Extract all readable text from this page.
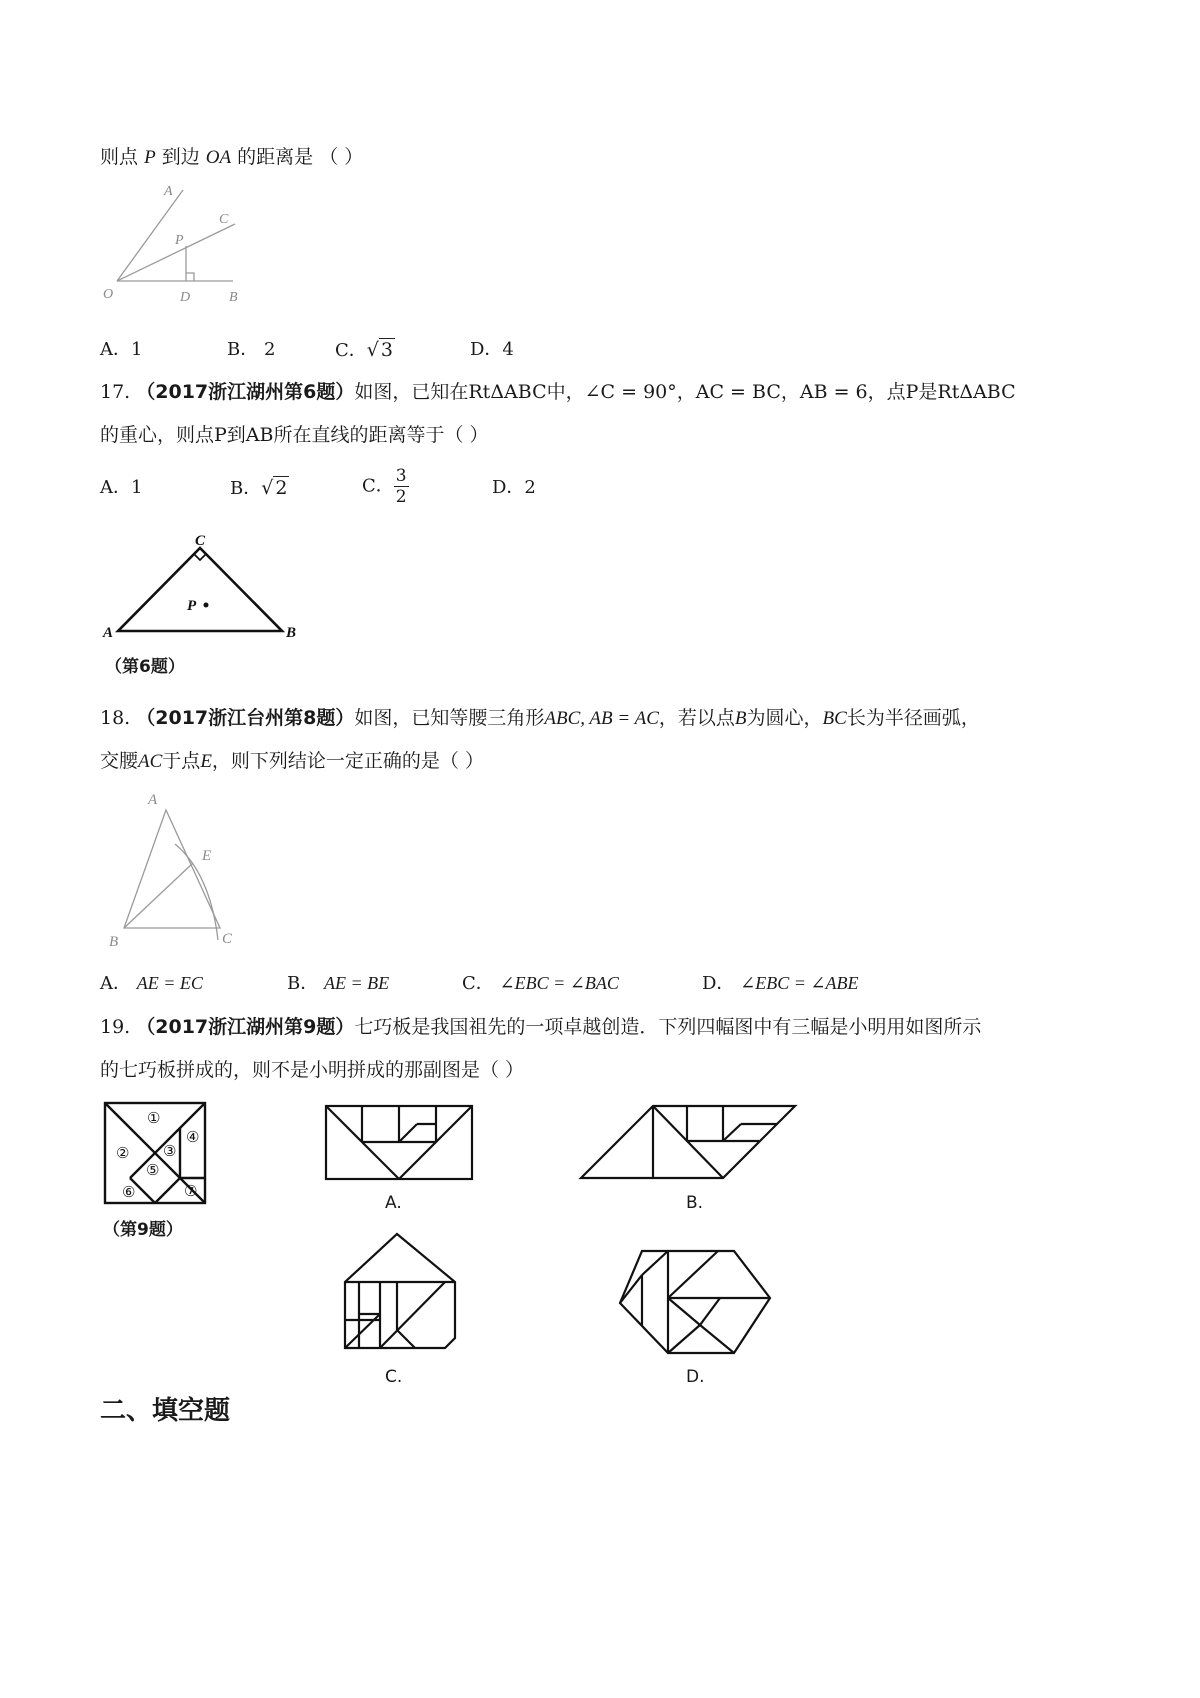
则点 P 到边 OA 的距离是 （ ）
A
C
P
O	D	B
A．1	B． 2	C．√ 3	D．4
17. （2017浙江湖州第6题）如图，已知在RtΔABC中，∠C = 90°，AC = BC，AB = 6，点P是RtΔABC
的重心，则点P到AB所在直线的距离等于（ ）
A．1	B．√ 2	C． $\frac{3}{2}$	D．2
C
P
A	B
（第6题）
18. （2017浙江台州第8题）如图，已知等腰三角形ABC, AB = AC，若以点B为圆心，BC长为半径画弧，
交腰AC于点E，则下列结论一定正确的是（ ）
A
E
B	C
A． AE = EC	B． AE = BE	C． ∠EBC = ∠BAC	D． ∠EBC = ∠ABE
19. （2017浙江湖州第9题）七巧板是我国祖先的一项卓越创造．下列四幅图中有三幅是小明用如图所示
的七巧板拼成的，则不是小明拼成的那副图是（ ）
①
② ③
④
⑤
⑥	⑦
（第9题）
A.	B.
C.	D.
二、填空题
